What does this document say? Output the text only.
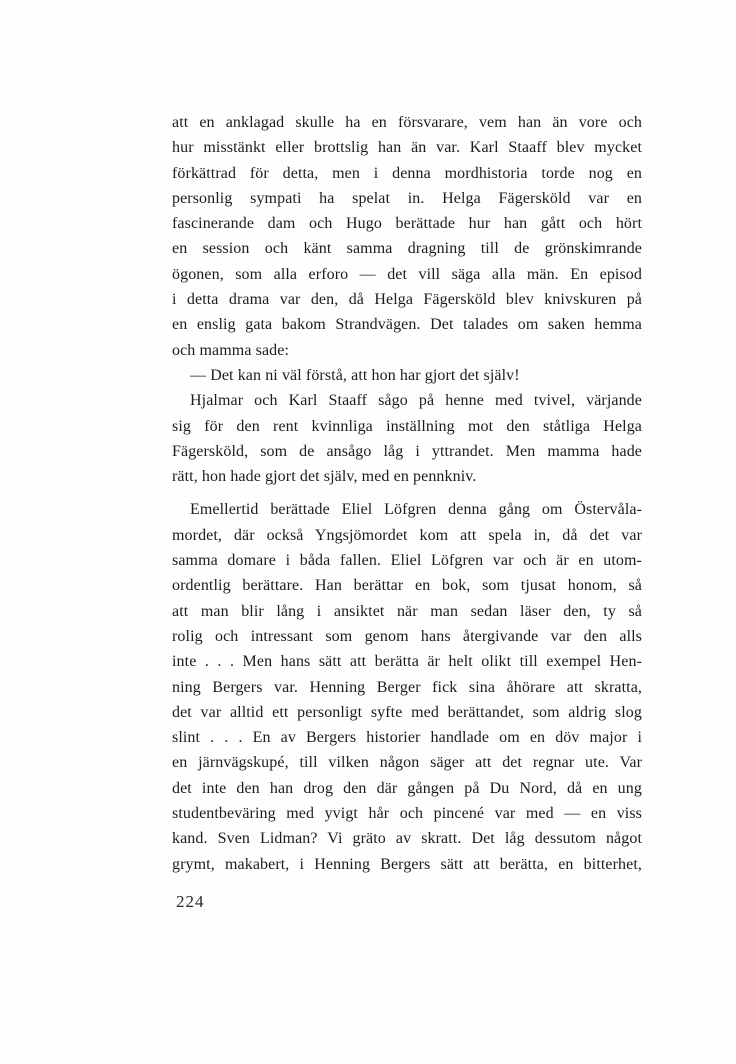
att en anklagad skulle ha en försvarare, vem han än vore och
hur misstänkt eller brottslig han än var. Karl Staaff blev mycket
förkättrad för detta, men i denna mordhistoria torde nog en
personlig sympati ha spelat in. Helga Fägersköld var en
fascinerande dam och Hugo berättade hur han gått och hört
en session och känt samma dragning till de grönskimrande
ögonen, som alla erforo — det vill säga alla män. En episod
i detta drama var den, då Helga Fägersköld blev knivskuren på
en enslig gata bakom Strandvägen. Det talades om saken hemma
och mamma sade:
— Det kan ni väl förstå, att hon har gjort det själv!
Hjalmar och Karl Staaff sågo på henne med tvivel, värjande
sig för den rent kvinnliga inställning mot den ståtliga Helga
Fägersköld, som de ansågo låg i yttrandet. Men mamma hade
rätt, hon hade gjort det själv, med en pennkniv.
Emellertid berättade Eliel Löfgren denna gång om Östervåla-
mordet, där också Yngsjömordet kom att spela in, då det var
samma domare i båda fallen. Eliel Löfgren var och är en utom-
ordentlig berättare. Han berättar en bok, som tjusat honom, så
att man blir lång i ansiktet när man sedan läser den, ty så
rolig och intressant som genom hans återgivande var den alls
inte . . . Men hans sätt att berätta är helt olikt till exempel Hen-
ning Bergers var. Henning Berger fick sina åhörare att skratta,
det var alltid ett personligt syfte med berättandet, som aldrig slog
slint . . . En av Bergers historier handlade om en döv major i
en järnvägskupé, till vilken någon säger att det regnar ute. Var
det inte den han drog den där gången på Du Nord, då en ung
studentbeväring med yvigt hår och pincené var med — en viss
kand. Sven Lidman? Vi gräto av skratt. Det låg dessutom något
grymt, makabert, i Henning Bergers sätt att berätta, en bitterhet,
224
